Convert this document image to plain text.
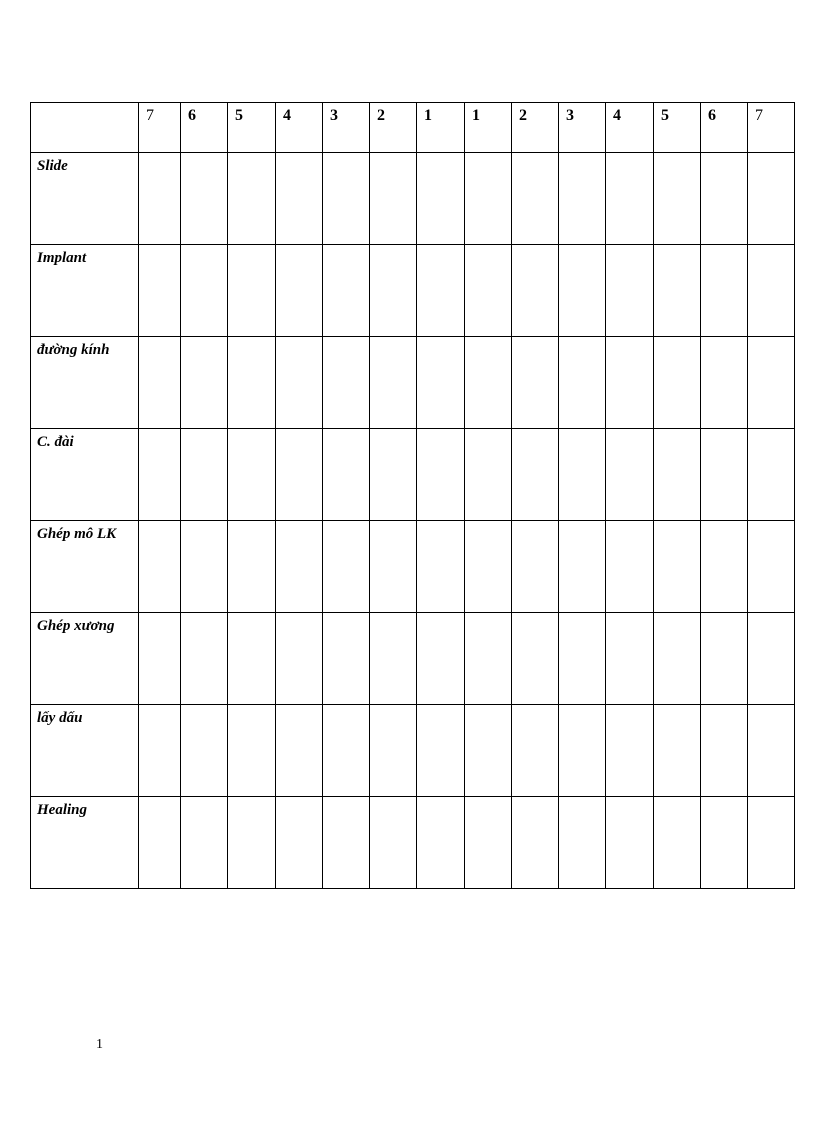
	7	6	5	4	3	2	1	1	2	3	4	5	6	7

Slide														

Implant														

đường kính														

C. đài														

Ghép mô LK														

Ghép xương														

lấy dấu														

Healing														

1
